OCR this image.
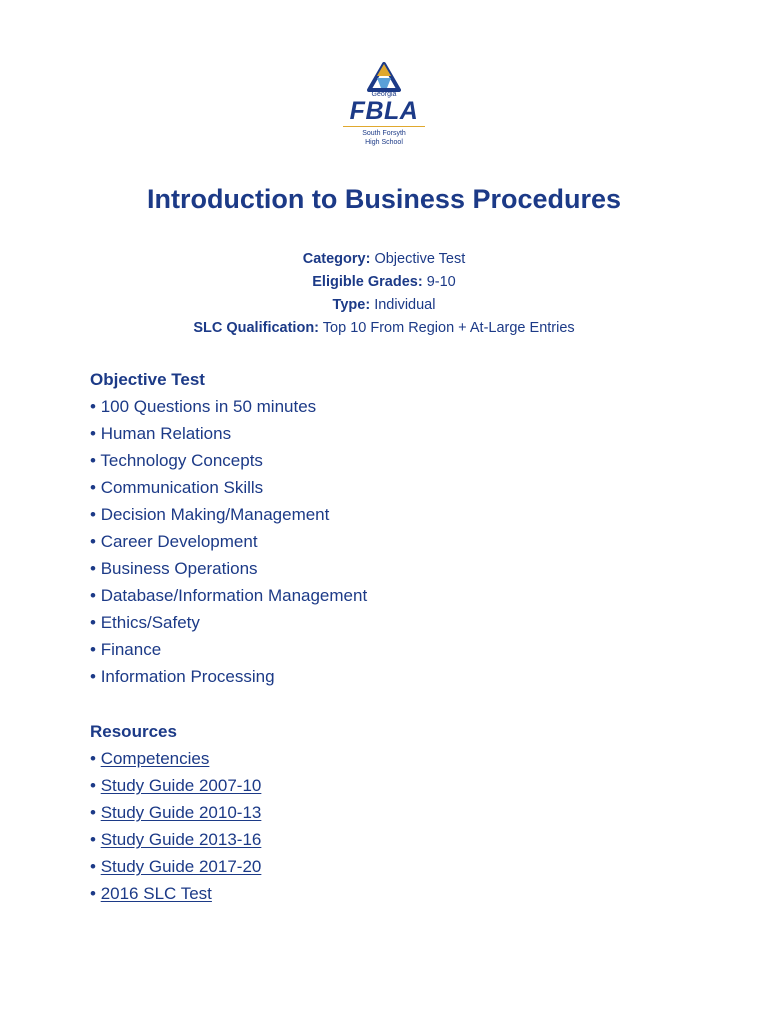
Georgia
FBLA
South Forsyth
High School
Introduction to Business Procedures
Category: Objective Test
Eligible Grades: 9-10
Type: Individual
SLC Qualification: Top 10 From Region + At-Large Entries
Objective Test
• 100 Questions in 50 minutes
• Human Relations
• Technology Concepts
• Communication Skills
• Decision Making/Management
• Career Development
• Business Operations
• Database/Information Management
• Ethics/Safety
• Finance
• Information Processing
Resources
• Competencies
• Study Guide 2007-10
• Study Guide 2010-13
• Study Guide 2013-16
• Study Guide 2017-20
• 2016 SLC Test
